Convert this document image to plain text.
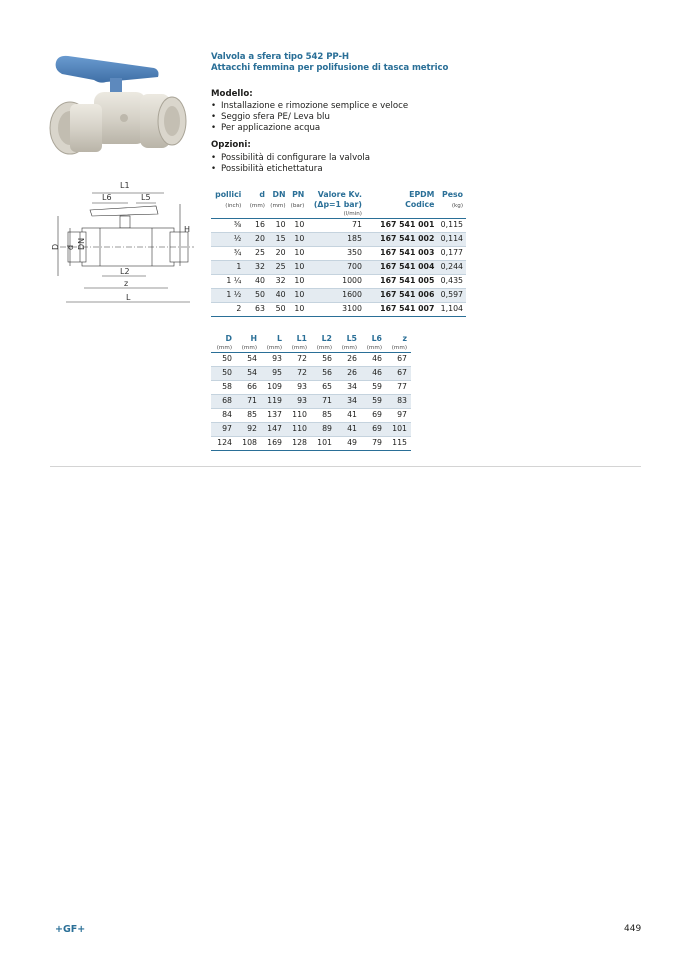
L1
L6	L5
DN
d
D
H
L2
z
L
Valvola a sfera tipo 542 PP-H
Attacchi femmina per polifusione di tasca metrico
Modello:
• Installazione e rimozione semplice e veloce
• Seggio sfera PE/ Leva blu
• Per applicazione acqua
Opzioni:
• Possibilità di configurare la valvola
• Possibilità etichettatura
pollici	d	DN	PN	Valore Kv.	EPDM	Peso

(inch)	(mm)	(mm)	(bar)	(Δp=1 bar)	Codice	(kg)

				(l/min)		

⅜	16	10	10	71	167 541 001	0,115
½	20	15	10	185	167 541 002	0,114
¾	25	20	10	350	167 541 003	0,177
1	32	25	10	700	167 541 004	0,244
1 ¼	40	32	10	1000	167 541 005	0,435
1 ½	50	40	10	1600	167 541 006	0,597
2	63	50	10	3100	167 541 007	1,104
D	H	L	L1	L2	L5	L6	z

(mm)	(mm)	(mm)	(mm)	(mm)	(mm)	(mm)	(mm)

50	54	93	72	56	26	46	67
50	54	95	72	56	26	46	67
58	66	109	93	65	34	59	77
68	71	119	93	71	34	59	83
84	85	137	110	85	41	69	97
97	92	147	110	89	41	69	101
124	108	169	128	101	49	79	115
+GF+	449
